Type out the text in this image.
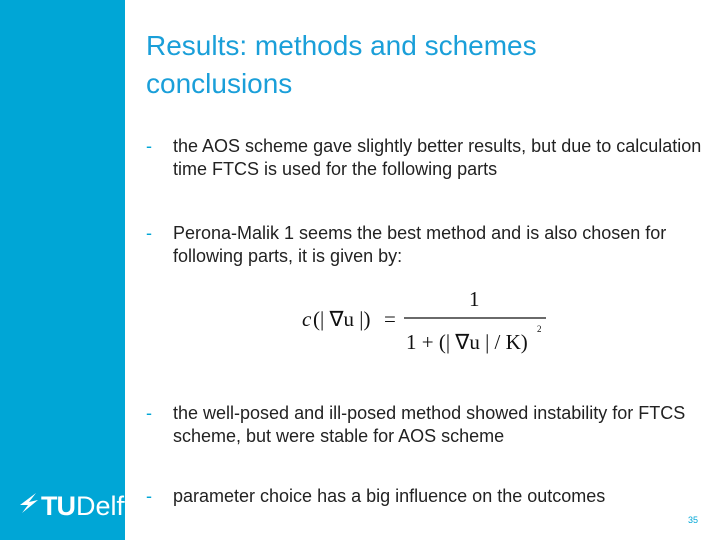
TU Delft
Results: methods and schemes
conclusions
-	the AOS scheme gave slightly better results, but due to calculation time FTCS is used for the following parts
-	Perona-Malik 1 seems the best method and is also chosen for following parts, it is given by:
c (| ∇u |) =
1
1 + (| ∇u | / K)
2
-	the well-posed and ill-posed method showed instability for FTCS scheme, but were stable for AOS scheme
-	parameter choice has a big influence on the outcomes
35
